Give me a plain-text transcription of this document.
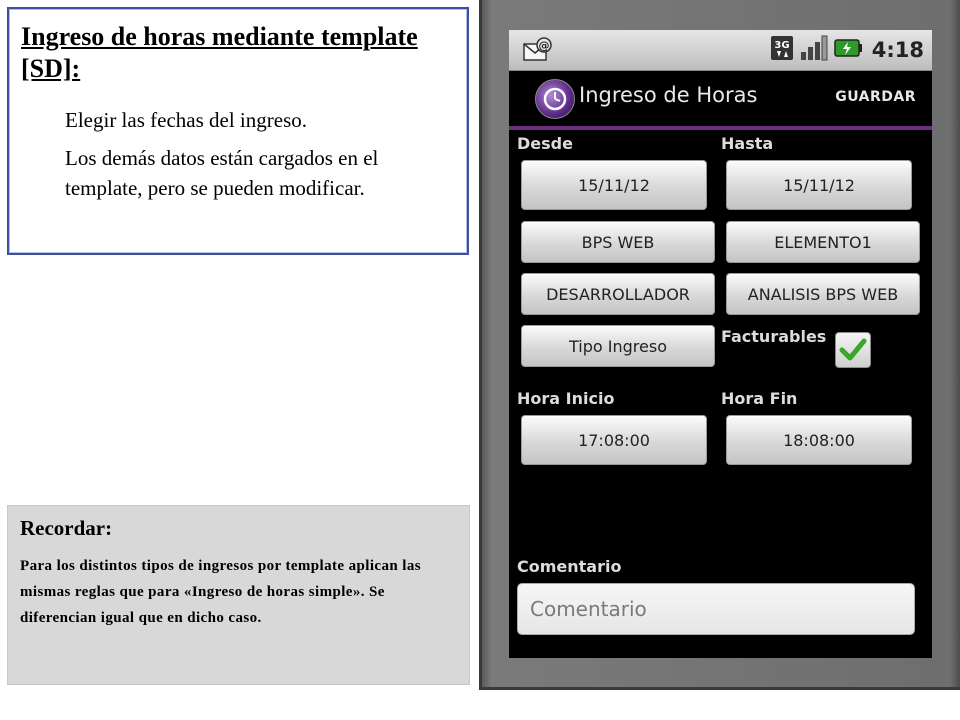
Ingreso de horas mediante template [SD]:

Elegir las fechas del ingreso.

Los demás datos están cargados en el template, pero se pueden modificar.

Recordar:

Para los distintos tipos de ingresos por template aplican las mismas reglas que para «Ingreso de horas simple». Se diferencian igual que en dicho caso.

@	3G	4:18
Ingreso de Horas	GUARDAR
Desde	Hasta
15/11/12	15/11/12
BPS WEB	ELEMENTO1
DESARROLLADOR	ANALISIS BPS WEB
Tipo Ingreso	Facturables
Hora Inicio	Hora Fin
17:08:00	18:08:00
Comentario
Comentario
